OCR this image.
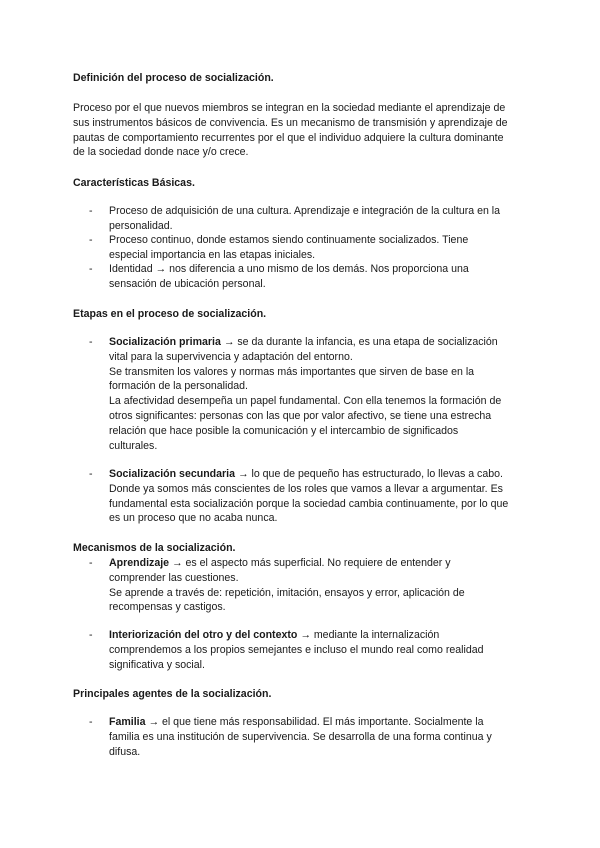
Definición del proceso de socialización.
Proceso por el que nuevos miembros se integran en la sociedad mediante el aprendizaje de
sus instrumentos básicos de convivencia. Es un mecanismo de transmisión y aprendizaje de
pautas de comportamiento recurrentes por el que el individuo adquiere la cultura dominante
de la sociedad donde nace y/o crece.
Características Básicas.
- Proceso de adquisición de una cultura. Aprendizaje e integración de la cultura en la
personalidad.
- Proceso continuo, donde estamos siendo continuamente socializados. Tiene
especial importancia en las etapas iniciales.
- Identidad → nos diferencia a uno mismo de los demás. Nos proporciona una
sensación de ubicación personal.
Etapas en el proceso de socialización.
- Socialización primaria → se da durante la infancia, es una etapa de socialización
vital para la supervivencia y adaptación del entorno.
Se transmiten los valores y normas más importantes que sirven de base en la
formación de la personalidad.
La afectividad desempeña un papel fundamental. Con ella tenemos la formación de
otros significantes: personas con las que por valor afectivo, se tiene una estrecha
relación que hace posible la comunicación y el intercambio de significados
culturales.
- Socialización secundaria → lo que de pequeño has estructurado, lo llevas a cabo.
Donde ya somos más conscientes de los roles que vamos a llevar a argumentar. Es
fundamental esta socialización porque la sociedad cambia continuamente, por lo que
es un proceso que no acaba nunca.
Mecanismos de la socialización.
- Aprendizaje → es el aspecto más superficial. No requiere de entender y
comprender las cuestiones.
Se aprende a través de: repetición, imitación, ensayos y error, aplicación de
recompensas y castigos.
- Interiorización del otro y del contexto → mediante la internalización
comprendemos a los propios semejantes e incluso el mundo real como realidad
significativa y social.
Principales agentes de la socialización.
- Familia → el que tiene más responsabilidad. El más importante. Socialmente la
familia es una institución de supervivencia. Se desarrolla de una forma continua y
difusa.
